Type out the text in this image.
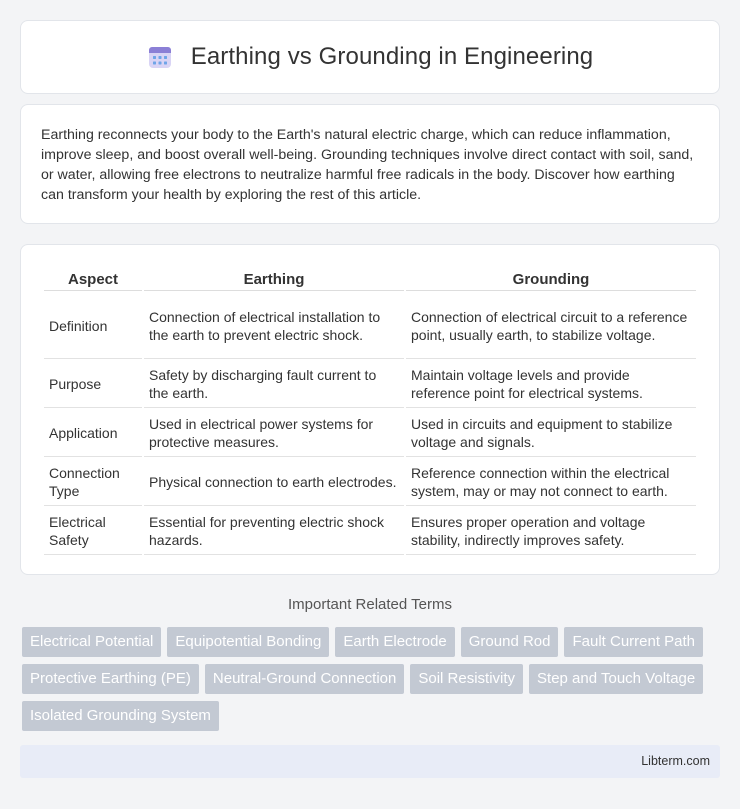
Earthing vs Grounding in Engineering

Earthing reconnects your body to the Earth's natural electric charge, which can reduce inflammation, improve sleep, and boost overall well-being. Grounding techniques involve direct contact with soil, sand, or water, allowing free electrons to neutralize harmful free radicals in the body. Discover how earthing can transform your health by exploring the rest of this article.

Aspect	Earthing	Grounding
Definition	Connection of electrical installation to the earth to prevent electric shock.	Connection of electrical circuit to a reference point, usually earth, to stabilize voltage.
Purpose	Safety by discharging fault current to the earth.	Maintain voltage levels and provide reference point for electrical systems.
Application	Used in electrical power systems for protective measures.	Used in circuits and equipment to stabilize voltage and signals.
Connection Type	Physical connection to earth electrodes.	Reference connection within the electrical system, may or may not connect to earth.
Electrical Safety	Essential for preventing electric shock hazards.	Ensures proper operation and voltage stability, indirectly improves safety.
Important Related Terms
Electrical Potential	Equipotential Bonding	Earth Electrode	Ground Rod	Fault Current Path
Protective Earthing (PE)	Neutral-Ground Connection	Soil Resistivity	Step and Touch Voltage
Isolated Grounding System
Libterm.com
